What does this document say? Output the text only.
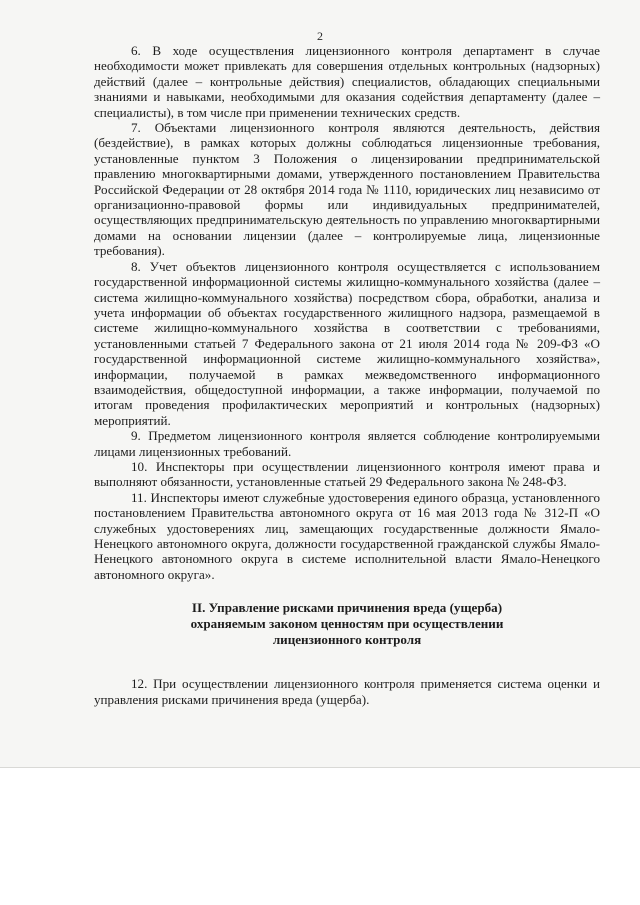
2

6. В ходе осуществления лицензионного контроля департамент в случае необходимости может привлекать для совершения отдельных контрольных (надзорных) действий (далее – контрольные действия) специалистов, обладающих специальными знаниями и навыками, необходимыми для оказания содействия департаменту (далее – специалисты), в том числе при применении технических средств.

7. Объектами лицензионного контроля являются деятельность, действия (бездействие), в рамках которых должны соблюдаться лицензионные требования, установленные пунктом 3 Положения о лицензировании предпринимательской правлению многоквартирными домами, утвержденного постановлением Правительства Российской Федерации от 28 октября 2014 года № 1110, юридических лиц независимо от организационно-правовой формы или индивидуальных предпринимателей, осуществляющих предпринимательскую деятельность по управлению многоквартирными домами на основании лицензии (далее – контролируемые лица, лицензионные требования).

8. Учет объектов лицензионного контроля осуществляется с использованием государственной информационной системы жилищно-коммунального хозяйства (далее – система жилищно-коммунального хозяйства) посредством сбора, обработки, анализа и учета информации об объектах государственного жилищного надзора, размещаемой в системе жилищно-коммунального хозяйства в соответствии с требованиями, установленными статьей 7 Федерального закона от 21 июля 2014 года № 209-ФЗ «О государственной информационной системе жилищно-коммунального хозяйства», информации, получаемой в рамках межведомственного информационного взаимодействия, общедоступной информации, а также информации, получаемой по итогам проведения профилактических мероприятий и контрольных (надзорных) мероприятий.

9. Предметом лицензионного контроля является соблюдение контролируемыми лицами лицензионных требований.

10. Инспекторы при осуществлении лицензионного контроля имеют права и выполняют обязанности, установленные статьей 29 Федерального закона № 248-ФЗ.

11. Инспекторы имеют служебные удостоверения единого образца, установленного постановлением Правительства автономного округа от 16 мая 2013 года № 312-П «О служебных удостоверениях лиц, замещающих государственные должности Ямало-Ненецкого автономного округа, должности государственной гражданской службы Ямало-Ненецкого автономного округа в системе исполнительной власти Ямало-Ненецкого автономного округа».

II. Управление рисками причинения вреда (ущерба)
охраняемым законом ценностям при осуществлении
лицензионного контроля

12. При осуществлении лицензионного контроля применяется система оценки и управления рисками причинения вреда (ущерба).
